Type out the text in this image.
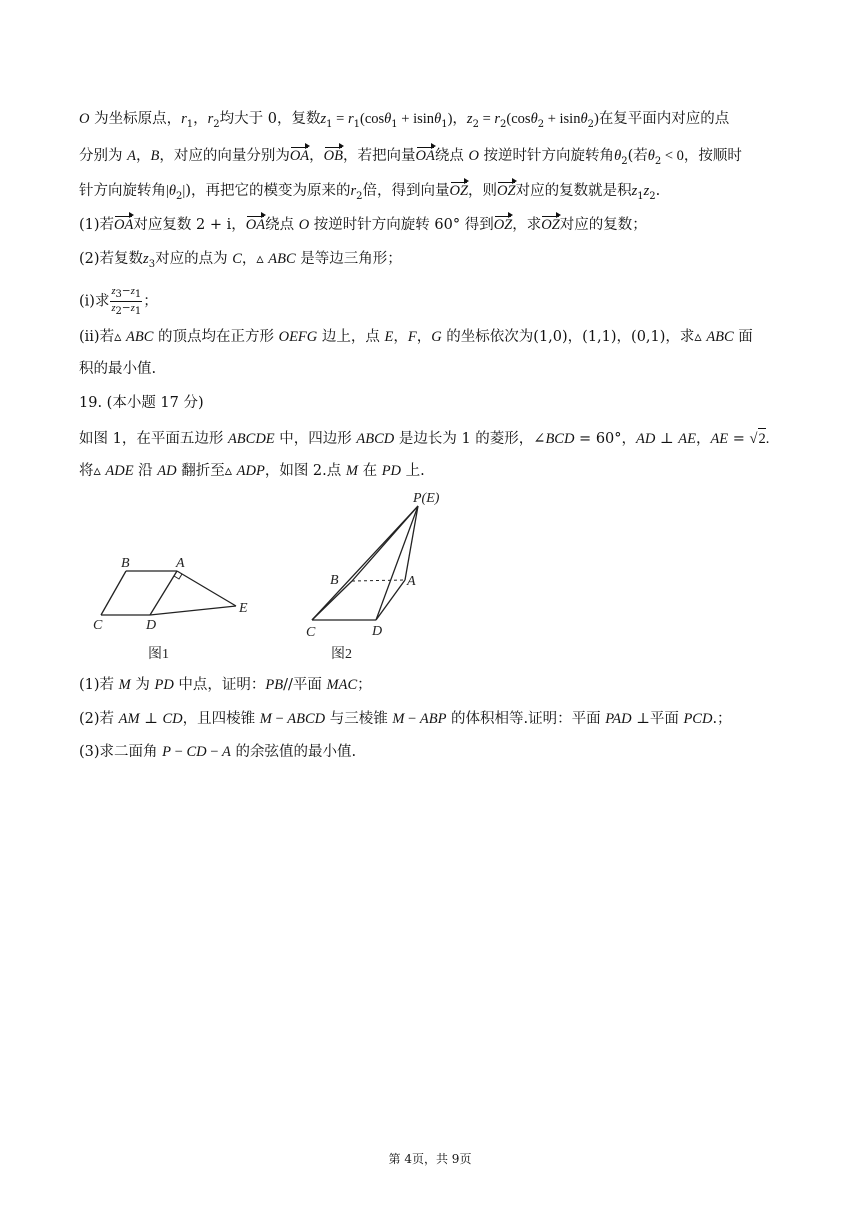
O 为坐标原点，$r_1$，$r_2$均大于 0，复数$z_1 = r_1(\cos\theta_1 + isin\theta_1)$，$z_2 = r_2(\cos\theta_2 + isin\theta_2)$在复平面内对应的点
分别为 A，B，对应的向量分别为OA，OB，若把向量OA绕点 O 按逆时针方向旋转角$\theta_2$(若$\theta_2 < 0$，按顺时
针方向旋转角$|\theta_2|$)，再把它的模变为原来的$r_2$倍，得到向量OZ，则OZ对应的复数就是积$z_1z_2$.
(1)若OA对应复数 2 + i，OA绕点 O 按逆时针方向旋转 60° 得到OZ，求OZ对应的复数；
(2)若复数$z_3$对应的点为 C，▵ ABC 是等边三角形；
(ⅰ)求 $\frac{z_3-z_1}{z_2-z_1}$ ；
(ⅱ)若▵ ABC 的顶点均在正方形 OEFG 边上，点 E，F，G 的坐标依次为(1,0)，(1,1)，(0,1)，求▵ ABC 面
积的最小值.
19. (本小题 17 分)
如图 1，在平面五边形 ABCDE 中，四边形 ABCD 是边长为 1 的菱形，∠BCD = 60°，AD ⊥ AE，AE = √2.
将▵ ADE 沿 AD 翻折至▵ ADP，如图 2.点 M 在 PD 上.
B	A
C	D
E
图1
P(E)
B	A
C	D
图2
(1)若 M 为 PD 中点，证明：PB//平面 MAC；
(2)若 AM ⊥ CD，且四棱锥 M − ABCD 与三棱锥 M − ABP 的体积相等.证明：平面 PAD ⊥平面 PCD.；
(3)求二面角 P − CD − A 的余弦值的最小值.
第 4页，共 9页
